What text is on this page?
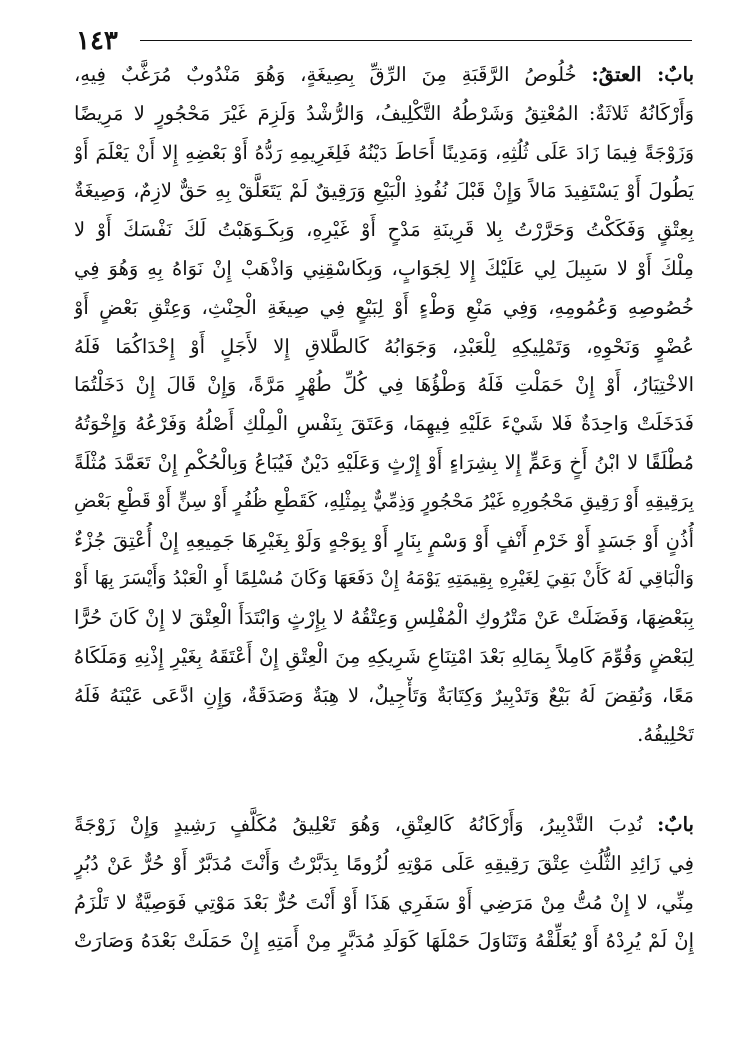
١٤٣
بابٌ: العتقُ: خُلُوصُ الرَّقَبَةِ مِنَ الرِّقِّ بِصِيغَةٍ، وَهُوَ مَنْدُوبٌ مُرَغَّبٌ فِيهِ،
وَأَرْكَانُهُ ثَلاثَةٌ: المُعْتِقُ وَشَرْطُهُ التَّكْلِيفُ، وَالرُّشْدُ وَلَزِمَ غَيْرَ مَحْجُورٍ لا مَرِيضًا
وَزَوْجَةً فِيمَا زَادَ عَلَى ثُلُثِهِ، وَمَدِينًا أَحَاطَ دَيْنُهُ فَلِغَرِيمِهِ رَدُّهُ أَوْ بَعْضِهِ إِلا أَنْ يَعْلَمَ أَوْ
يَطُولَ أَوْ يَسْتَفِيدَ مَالاً وَإِنْ قَبْلَ نُفُوذِ الْبَيْعِ وَرَقِيقٌ لَمْ يَتَعَلَّقْ بِهِ حَقٌّ لازِمٌ، وَصِيغَةٌ
بِعِتْقٍ وَفَكَكْتُ وَحَرَّرْتُ بِلا قَرِينَةِ مَدْحٍ أَوْ غَيْرِهِ، وَبِكَـوَهَبْتُ لَكَ نَفْسَكَ أَوْ لا
مِلْكَ أَوْ لا سَبِيلَ لِي عَلَيْكَ إِلا لِجَوَابٍ، وَبِكَاسْقِنِي وَاذْهَبْ إِنْ نَوَاهُ بِهِ وَهُوَ فِي
خُصُوصِهِ وَعُمُومِهِ، وَفِي مَنْعِ وَطْءٍ أَوْ لِبَيْعٍ فِي صِيغَةِ الْحِنْثِ، وَعِتْقِ بَعْضٍ أَوْ
عُضْوٍ وَنَحْوِهِ، وَتَمْلِيكِهِ لِلْعَبْدِ، وَجَوَابُهُ كَالطَّلاقِ إِلا لأَجَلٍ أَوْ إِحْدَاكُمَا فَلَهُ
الاخْتِيَارُ، أَوْ إِنْ حَمَلْتِ فَلَهُ وَطْؤُهَا فِي كُلِّ طُهْرٍ مَرَّةً، وَإِنْ قَالَ إِنْ دَخَلْتُمَا
فَدَخَلَتْ وَاحِدَةٌ فَلا شَيْءَ عَلَيْهِ فِيهِمَا، وَعَتَقَ بِنَفْسِ الْمِلْكِ أَصْلُهُ وَفَرْعُهُ وَإِخْوَتُهُ
مُطْلَقًا لا ابْنُ أَخٍ وَعَمٍّ إِلا بِشِرَاءٍ أَوْ إِرْثٍ وَعَلَيْهِ دَيْنٌ فَيُبَاعُ وَبِالْحُكْمِ إِنْ تَعَمَّدَ مُثْلَةً
بِرَقِيقِهِ أَوْ رَقِيقِ مَحْجُورِهِ غَيْرُ مَحْجُورٍ وَذِمِّيٌّ بِمِثْلِهِ، كَقَطْعِ ظُفُرٍ أَوْ سِنٍّ أَوْ قَطْعِ بَعْضِ
أُذُنٍ أَوْ جَسَدٍ أَوْ خَرْمِ أَنْفٍ أَوْ وَسْمٍ بِنَارٍ أَوْ بِوَجْهٍ وَلَوْ بِغَيْرِهَا جَمِيعِهِ إِنْ أُعْتِقَ جُزْءٌ
وَالْبَاقِي لَهُ كَأَنْ بَقِيَ لِغَيْرِهِ بِقِيمَتِهِ يَوْمَهُ إِنْ دَفَعَهَا وَكَانَ مُسْلِمًا أَوِ الْعَبْدُ وَأَيْسَرَ بِهَا أَوْ
بِبَعْضِهَا، وَفَضَلَتْ عَنْ مَتْرُوكِ الْمُفْلِسِ وَعِتْقُهُ لا بِإِرْثٍ وَابْتَدَأَ الْعِتْقَ لا إِنْ كَانَ حُرًّا
لِبَعْضٍ وَقُوِّمَ كَامِلاً بِمَالِهِ بَعْدَ امْتِنَاعِ شَرِيكِهِ مِنَ الْعِتْقِ إِنْ أَعْتَقَهُ بِغَيْرِ إِذْنِهِ وَمَلَكَاهُ
مَعًا، وَنُقِضَ لَهُ بَيْعٌ وَتَدْبِيرٌ وَكِتَابَةٌ وَتَأْجِيلٌ، لا هِبَةٌ وَصَدَقَةٌ، وَإِنِ ادَّعَى عَيْنَهُ فَلَهُ
تَحْلِيفُهُ.
بابٌ: نُدِبَ التَّدْبِيرُ، وَأَرْكَانُهُ كَالعِتْقِ، وَهُوَ تَعْلِيقُ مُكَلَّفٍ رَشِيدٍ وَإِنْ زَوْجَةً
فِي زَائِدِ الثُّلُثِ عِتْقَ رَقِيقِهِ عَلَى مَوْتِهِ لُزُومًا بِدَبَّرْتُ وَأَنْتَ مُدَبَّرٌ أَوْ حُرٌّ عَنْ دُبُرٍ
مِنِّي، لا إِنْ مُتُّ مِنْ مَرَضِي أَوْ سَفَرِي هَذَا أَوْ أَنْتَ حُرٌّ بَعْدَ مَوْتِي فَوَصِيَّةٌ لا تَلْزَمُ
إِنْ لَمْ يُرِدْهُ أَوْ يُعَلِّقْهُ وَتَنَاوَلَ حَمْلَهَا كَوَلَدِ مُدَبَّرٍ مِنْ أَمَتِهِ إِنْ حَمَلَتْ بَعْدَهُ وَصَارَتْ
